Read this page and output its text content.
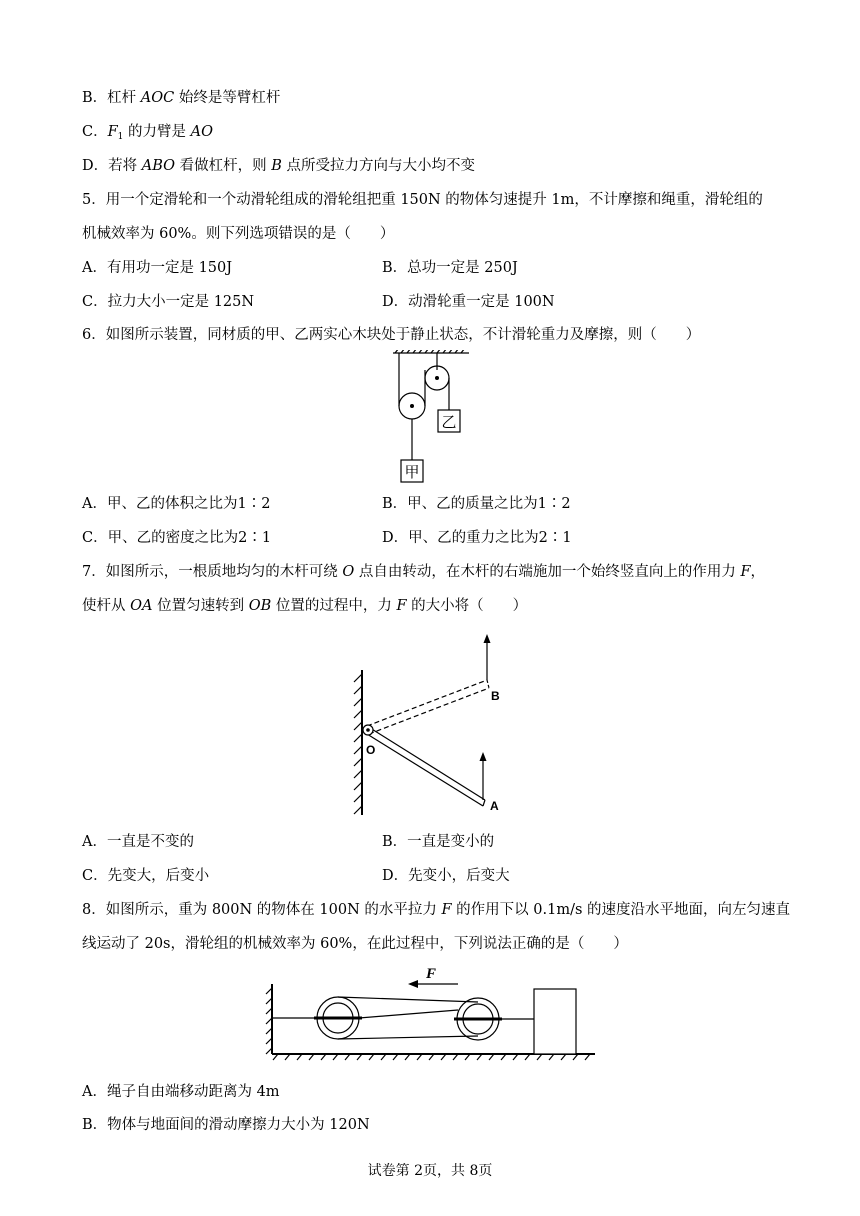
B．杠杆 AOC 始终是等臂杠杆
C．$F_1$ 的力臂是 AO
D．若将 ABO 看做杠杆，则 B 点所受拉力方向与大小均不变
5．用一个定滑轮和一个动滑轮组成的滑轮组把重 150N 的物体匀速提升 1m，不计摩擦和绳重，滑轮组的
机械效率为 60%。则下列选项错误的是（　　）
A．有用功一定是 150J	B．总功一定是 250J
C．拉力大小一定是 125N	D．动滑轮重一定是 100N
6．如图所示装置，同材质的甲、乙两实心木块处于静止状态，不计滑轮重力及摩擦，则（　　）
乙
甲
A．甲、乙的体积之比为1∶2	B．甲、乙的质量之比为1∶2
C．甲、乙的密度之比为2∶1	D．甲、乙的重力之比为2∶1
7．如图所示，一根质地均匀的木杆可绕 O 点自由转动，在木杆的右端施加一个始终竖直向上的作用力 F，
使杆从 OA 位置匀速转到 OB 位置的过程中，力 F 的大小将（　　）
O
A
B
A．一直是不变的	B．一直是变小的
C．先变大，后变小	D．先变小，后变大
8．如图所示，重为 800N 的物体在 100N 的水平拉力 F 的作用下以 0.1m/s 的速度沿水平地面，向左匀速直
线运动了 20s，滑轮组的机械效率为 60%，在此过程中，下列说法正确的是（　　）
F
A．绳子自由端移动距离为 4m
B．物体与地面间的滑动摩擦力大小为 120N
试卷第 2页，共 8页
